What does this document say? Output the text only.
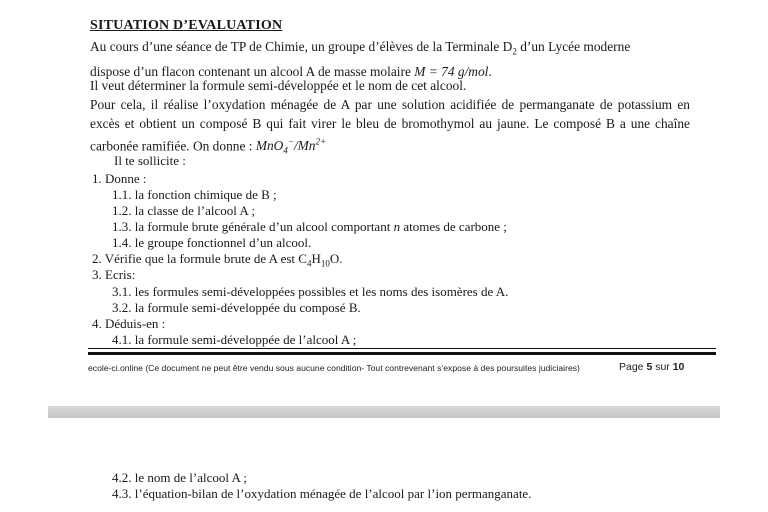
SITUATION D’EVALUATION

Au cours d’une séance de TP de Chimie, un groupe d’élèves de la Terminale $D_2$ d’un Lycée moderne
dispose d’un flacon contenant un alcool A de masse molaire M = 74 g/mol.

Il veut déterminer la formule semi-développée et le nom de cet alcool.

Pour cela, il réalise l’oxydation ménagée de A par une solution acidifiée de permanganate de potassium en excès et obtient un composé B qui fait virer le bleu de bromothymol au jaune. Le composé B a une chaîne carbonée ramifiée. On donne : $MnO_4^-/Mn^{2+}$

Il te sollicite :
1. Donne :
1.1. la fonction chimique de B ;
1.2. la classe de l’alcool A ;
1.3. la formule brute générale d’un alcool comportant n atomes de carbone ;
1.4. le groupe fonctionnel d’un alcool.
2. Vérifie que la formule brute de A est $C_4H_{10}O$.
3. Ecris:
3.1. les formules semi-développées possibles et les noms des isomères de A.
3.2. la formule semi-développée du composé B.
4. Déduis-en :
4.1. la formule semi-développée de l’alcool A ;
ecole-ci.online (Ce document ne peut être vendu sous aucune condition- Tout contrevenant s’expose à des poursuites judiciaires)	Page 5 sur 10
4.2. le nom de l’alcool A ;
4.3. l’équation-bilan de l’oxydation ménagée de l’alcool par l’ion permanganate.
